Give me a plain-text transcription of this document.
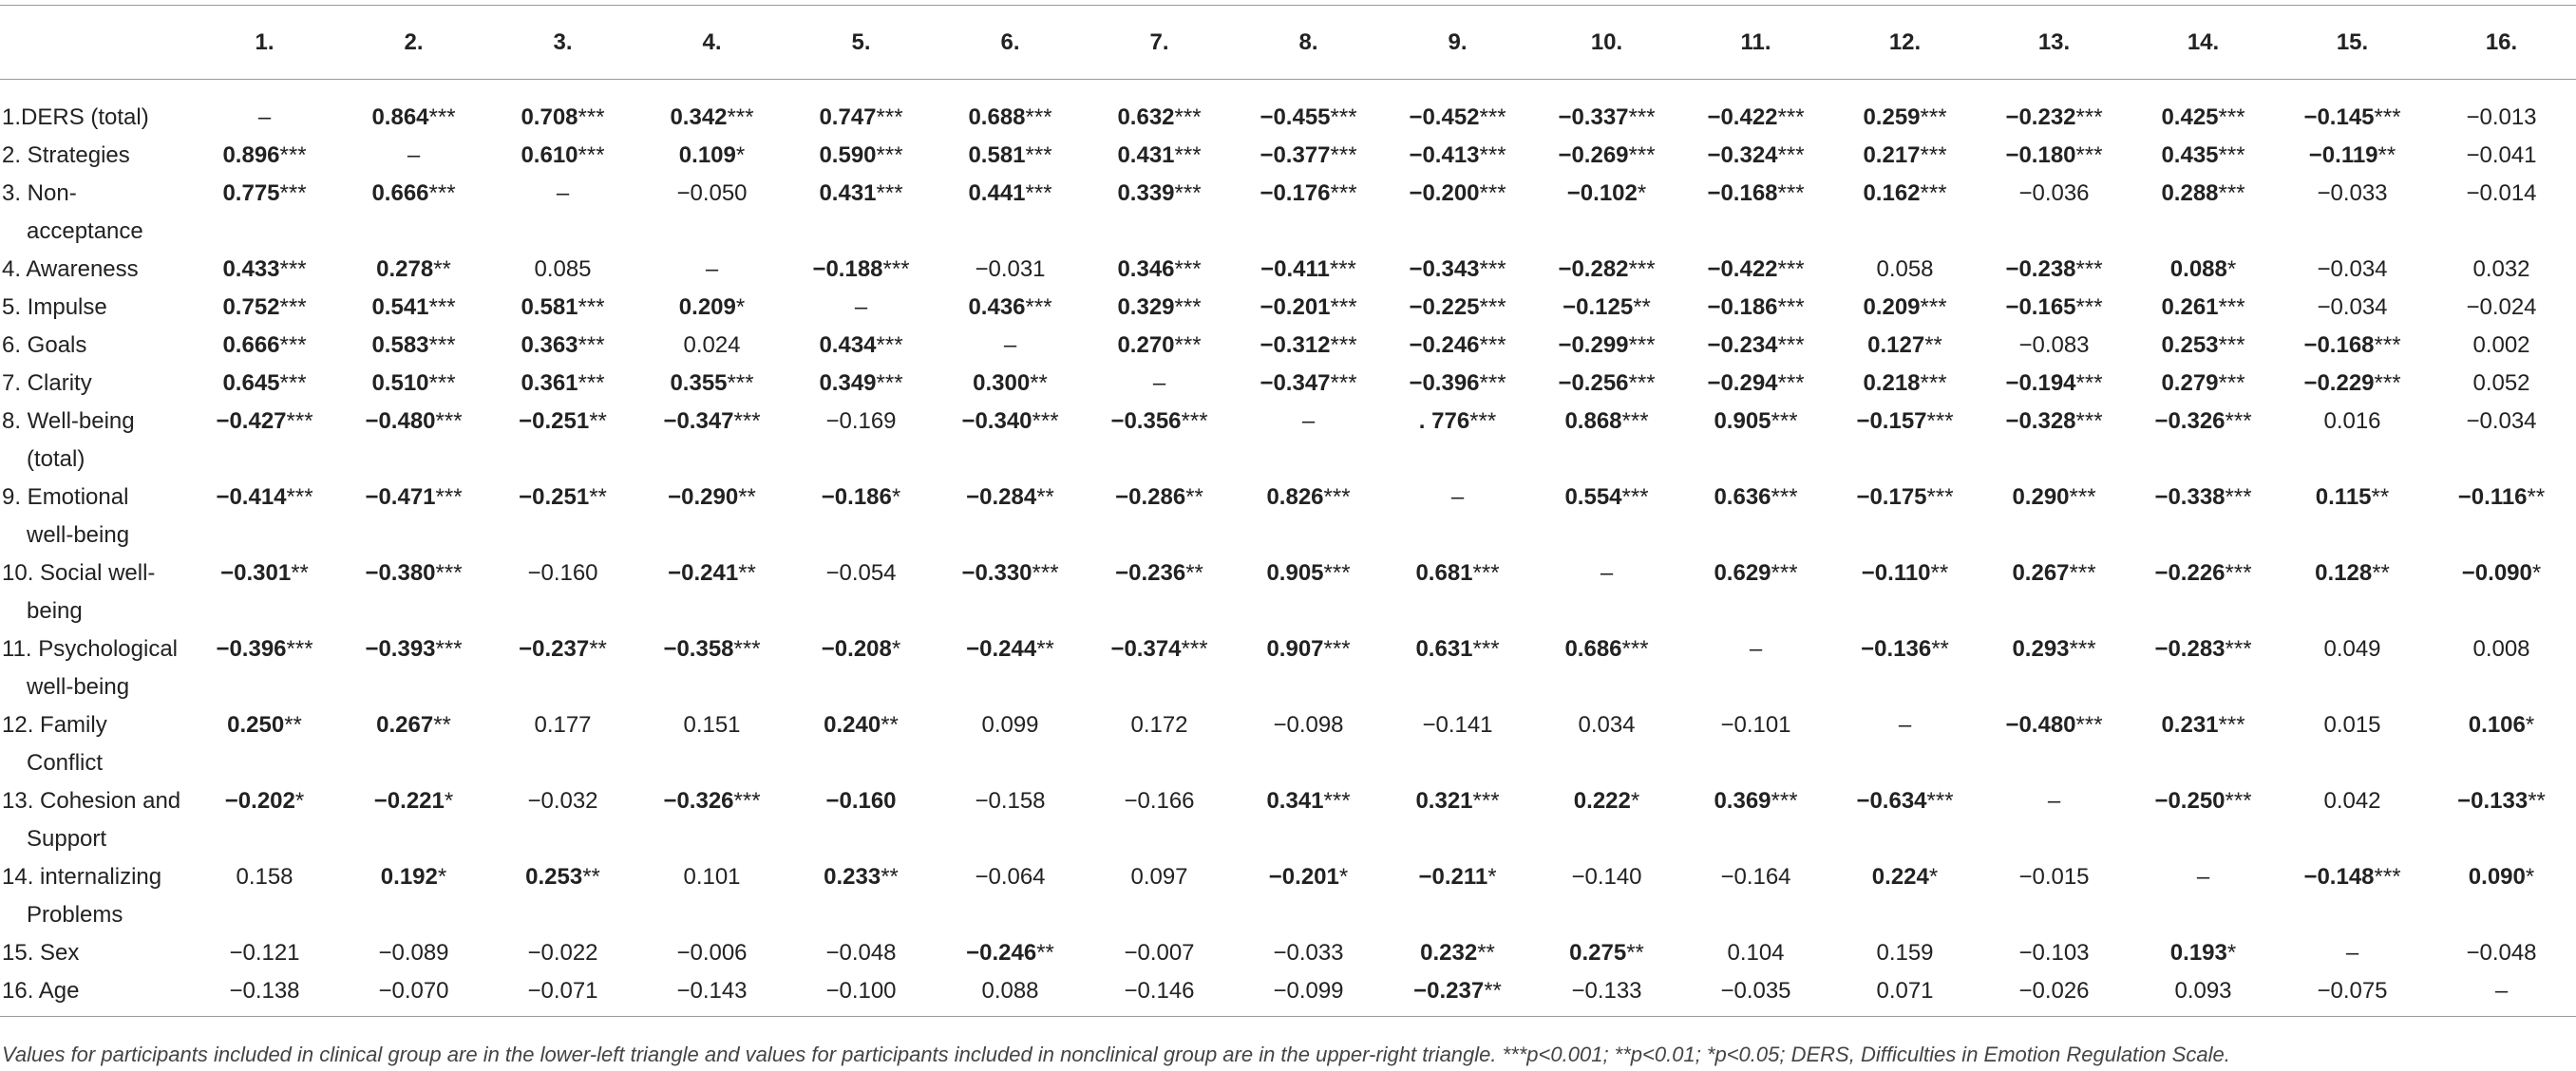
	1.	2.	3.	4.	5.	6.	7.	8.	9.	10.	11.	12.	13.	14.	15.	16.

1.DERS (total)	–	0.864***	0.708***	0.342***	0.747***	0.688***	0.632***	−0.455***	−0.452***	−0.337***	−0.422***	0.259***	−0.232***	0.425***	−0.145***	−0.013

2. Strategies	0.896***	–	0.610***	0.109*	0.590***	0.581***	0.431***	−0.377***	−0.413***	−0.269***	−0.324***	0.217***	−0.180***	0.435***	−0.119**	−0.041

3. Non-
acceptance	0.775***	0.666***	–	−0.050	0.431***	0.441***	0.339***	−0.176***	−0.200***	−0.102*	−0.168***	0.162***	−0.036	0.288***	−0.033	−0.014

4. Awareness	0.433***	0.278**	0.085	–	−0.188***	−0.031	0.346***	−0.411***	−0.343***	−0.282***	−0.422***	0.058	−0.238***	0.088*	−0.034	0.032

5. Impulse	0.752***	0.541***	0.581***	0.209*	–	0.436***	0.329***	−0.201***	−0.225***	−0.125**	−0.186***	0.209***	−0.165***	0.261***	−0.034	−0.024

6. Goals	0.666***	0.583***	0.363***	0.024	0.434***	–	0.270***	−0.312***	−0.246***	−0.299***	−0.234***	0.127**	−0.083	0.253***	−0.168***	0.002

7. Clarity	0.645***	0.510***	0.361***	0.355***	0.349***	0.300**	–	−0.347***	−0.396***	−0.256***	−0.294***	0.218***	−0.194***	0.279***	−0.229***	0.052

8. Well-being
(total)	−0.427***	−0.480***	−0.251**	−0.347***	−0.169	−0.340***	−0.356***	–	. 776***	0.868***	0.905***	−0.157***	−0.328***	−0.326***	0.016	−0.034

9. Emotional
well-being	−0.414***	−0.471***	−0.251**	−0.290**	−0.186*	−0.284**	−0.286**	0.826***	–	0.554***	0.636***	−0.175***	0.290***	−0.338***	0.115**	−0.116**

10. Social well-
being	−0.301**	−0.380***	−0.160	−0.241**	−0.054	−0.330***	−0.236**	0.905***	0.681***	–	0.629***	−0.110**	0.267***	−0.226***	0.128**	−0.090*

11. Psychological
well-being	−0.396***	−0.393***	−0.237**	−0.358***	−0.208*	−0.244**	−0.374***	0.907***	0.631***	0.686***	–	−0.136**	0.293***	−0.283***	0.049	0.008

12. Family
Conflict	0.250**	0.267**	0.177	0.151	0.240**	0.099	0.172	−0.098	−0.141	0.034	−0.101	–	−0.480***	0.231***	0.015	0.106*

13. Cohesion and
Support	−0.202*	−0.221*	−0.032	−0.326***	−0.160	−0.158	−0.166	0.341***	0.321***	0.222*	0.369***	−0.634***	–	−0.250***	0.042	−0.133**

14. internalizing
Problems	0.158	0.192*	0.253**	0.101	0.233**	−0.064	0.097	−0.201*	−0.211*	−0.140	−0.164	0.224*	−0.015	–	−0.148***	0.090*

15. Sex	−0.121	−0.089	−0.022	−0.006	−0.048	−0.246**	−0.007	−0.033	0.232**	0.275**	0.104	0.159	−0.103	0.193*	–	−0.048

16. Age	−0.138	−0.070	−0.071	−0.143	−0.100	0.088	−0.146	−0.099	−0.237**	−0.133	−0.035	0.071	−0.026	0.093	−0.075	–
Values for participants included in clinical group are in the lower-left triangle and values for participants included in nonclinical group are in the upper-right triangle. ***p<0.001; **p<0.01; *p<0.05; DERS, Difficulties in Emotion Regulation Scale.
